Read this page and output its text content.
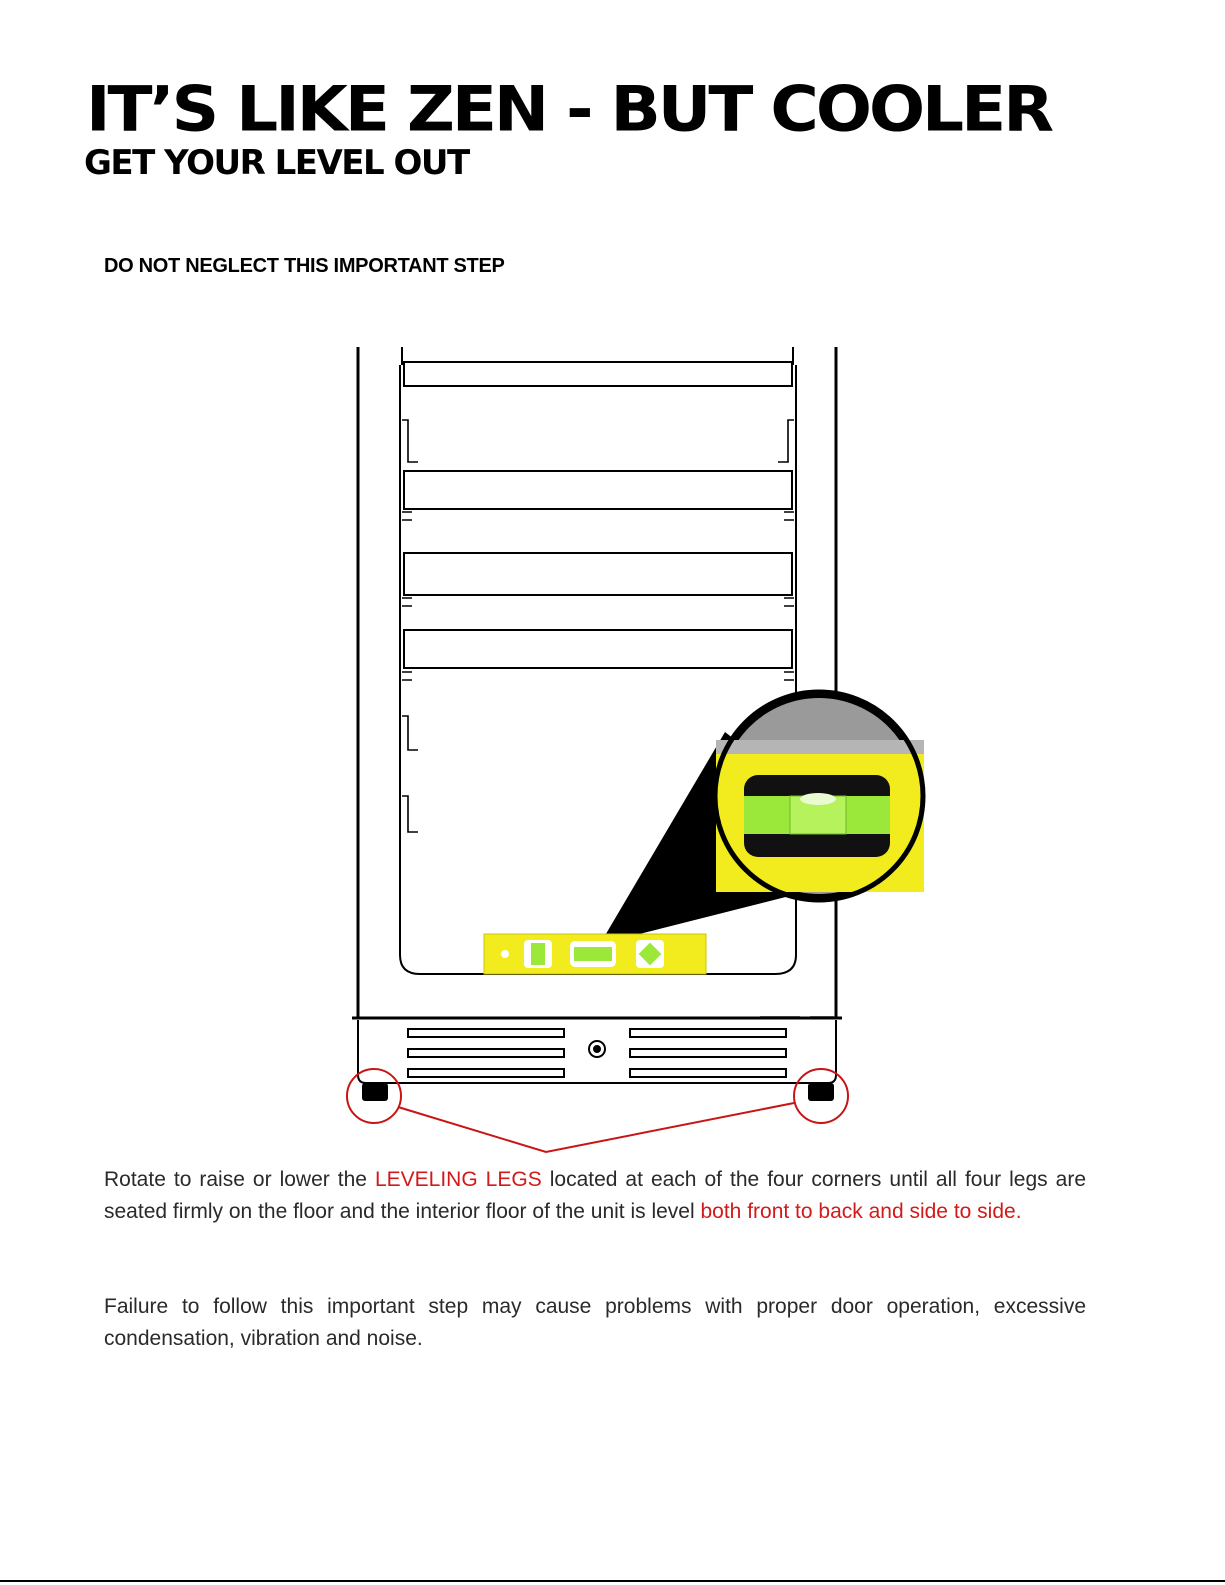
IT’S LIKE ZEN - BUT COOLER
GET YOUR LEVEL OUT
DO NOT NEGLECT THIS IMPORTANT STEP

Rotate to raise or lower the LEVELING LEGS located at each of the four corners until all four legs are seated firmly on the floor and the interior floor of the unit is level both front to back and side to side.

Failure to follow this important step may cause problems with proper door operation, excessive condensation, vibration and noise.
